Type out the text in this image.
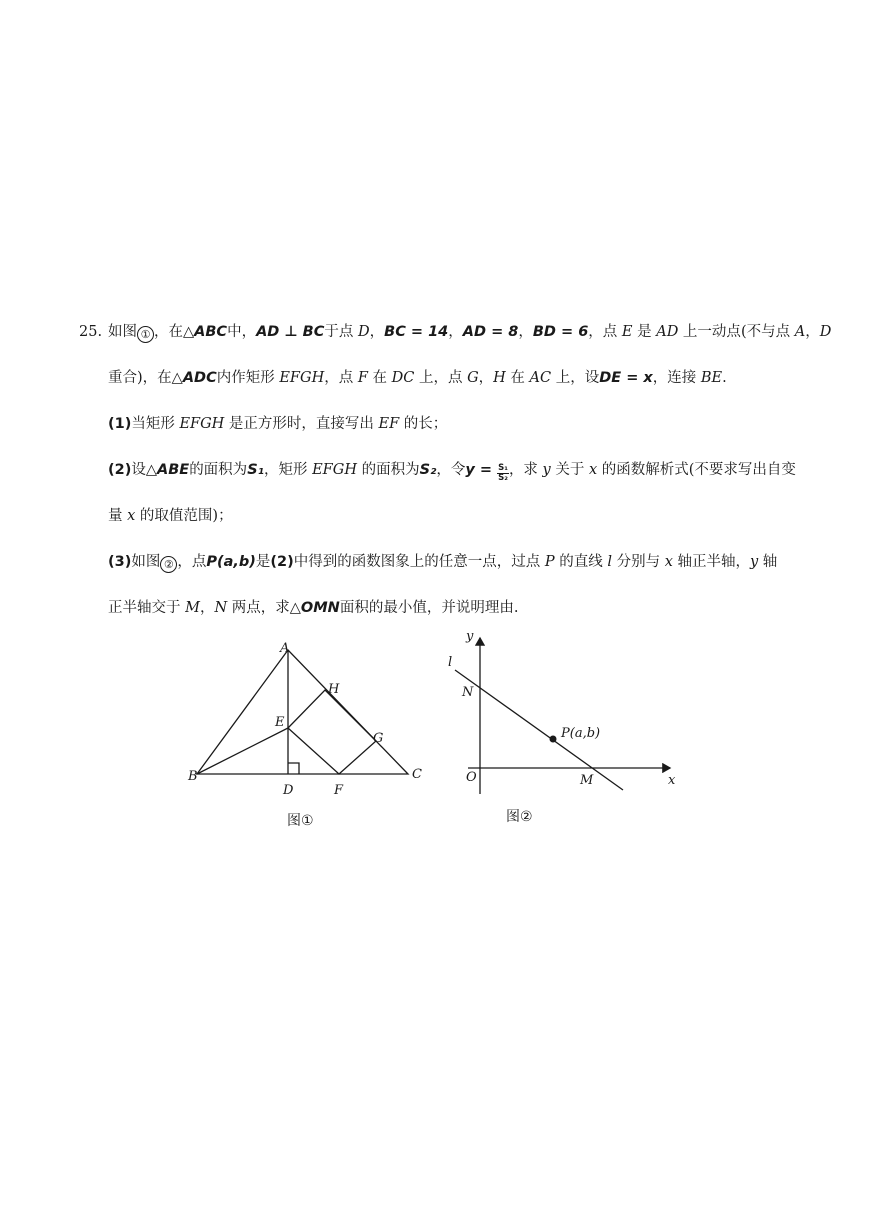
25. 如图 ① ，在△ABC中，AD ⊥ BC于点 D，BC = 14，AD = 8，BD = 6，点 E 是 AD 上一动点(不与点 A，D
重合)，在△ADC内作矩形 EFGH，点 F 在 DC 上，点 G，H 在 AC 上，设DE = x，连接 BE.
(1)当矩形 EFGH 是正方形时，直接写出 EF 的长；
(2)设△ABE的面积为S₁，矩形 EFGH 的面积为S₂，令$y = \frac{\text{S₁}}{\text{S₂}}$ ，求 y 关于 x 的函数解析式(不要求写出自变
量 x 的取值范围)；
(3)如图 ② ，点P(a,b)是(2)中得到的函数图象上的任意一点，过点 P 的直线 l 分别与 x 轴正半轴，y 轴
正半轴交于 M，N 两点，求△OMN面积的最小值，并说明理由.
A
B	C
D
E
F
G
H
图①
y
x
l
N
O	M
P(a,b)
图②
